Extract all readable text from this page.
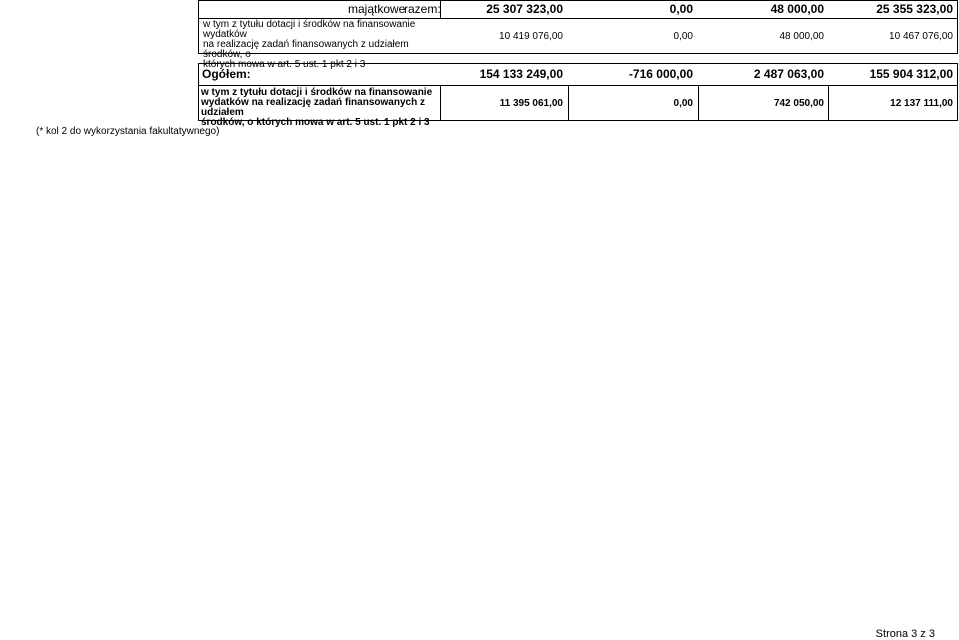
majątkowe
razem:	25 307 323,00	0,00	48 000,00	25 355 323,00
w tym z tytułu dotacji i środków na finansowanie wydatków
na realizację zadań finansowanych z udziałem środków, o
których mowa w art. 5 ust. 1 pkt 2 i 3
10 419 076,00	0,00	48 000,00	10 467 076,00
Ogółem:	154 133 249,00	-716 000,00	2 487 063,00	155 904 312,00
w tym z tytułu dotacji i środków na finansowanie
wydatków na realizację zadań finansowanych z udziałem
środków, o których mowa w art. 5 ust. 1 pkt 2 i 3
11 395 061,00	0,00	742 050,00	12 137 111,00
(* kol 2 do wykorzystania fakultatywnego)
Strona 3 z 3
